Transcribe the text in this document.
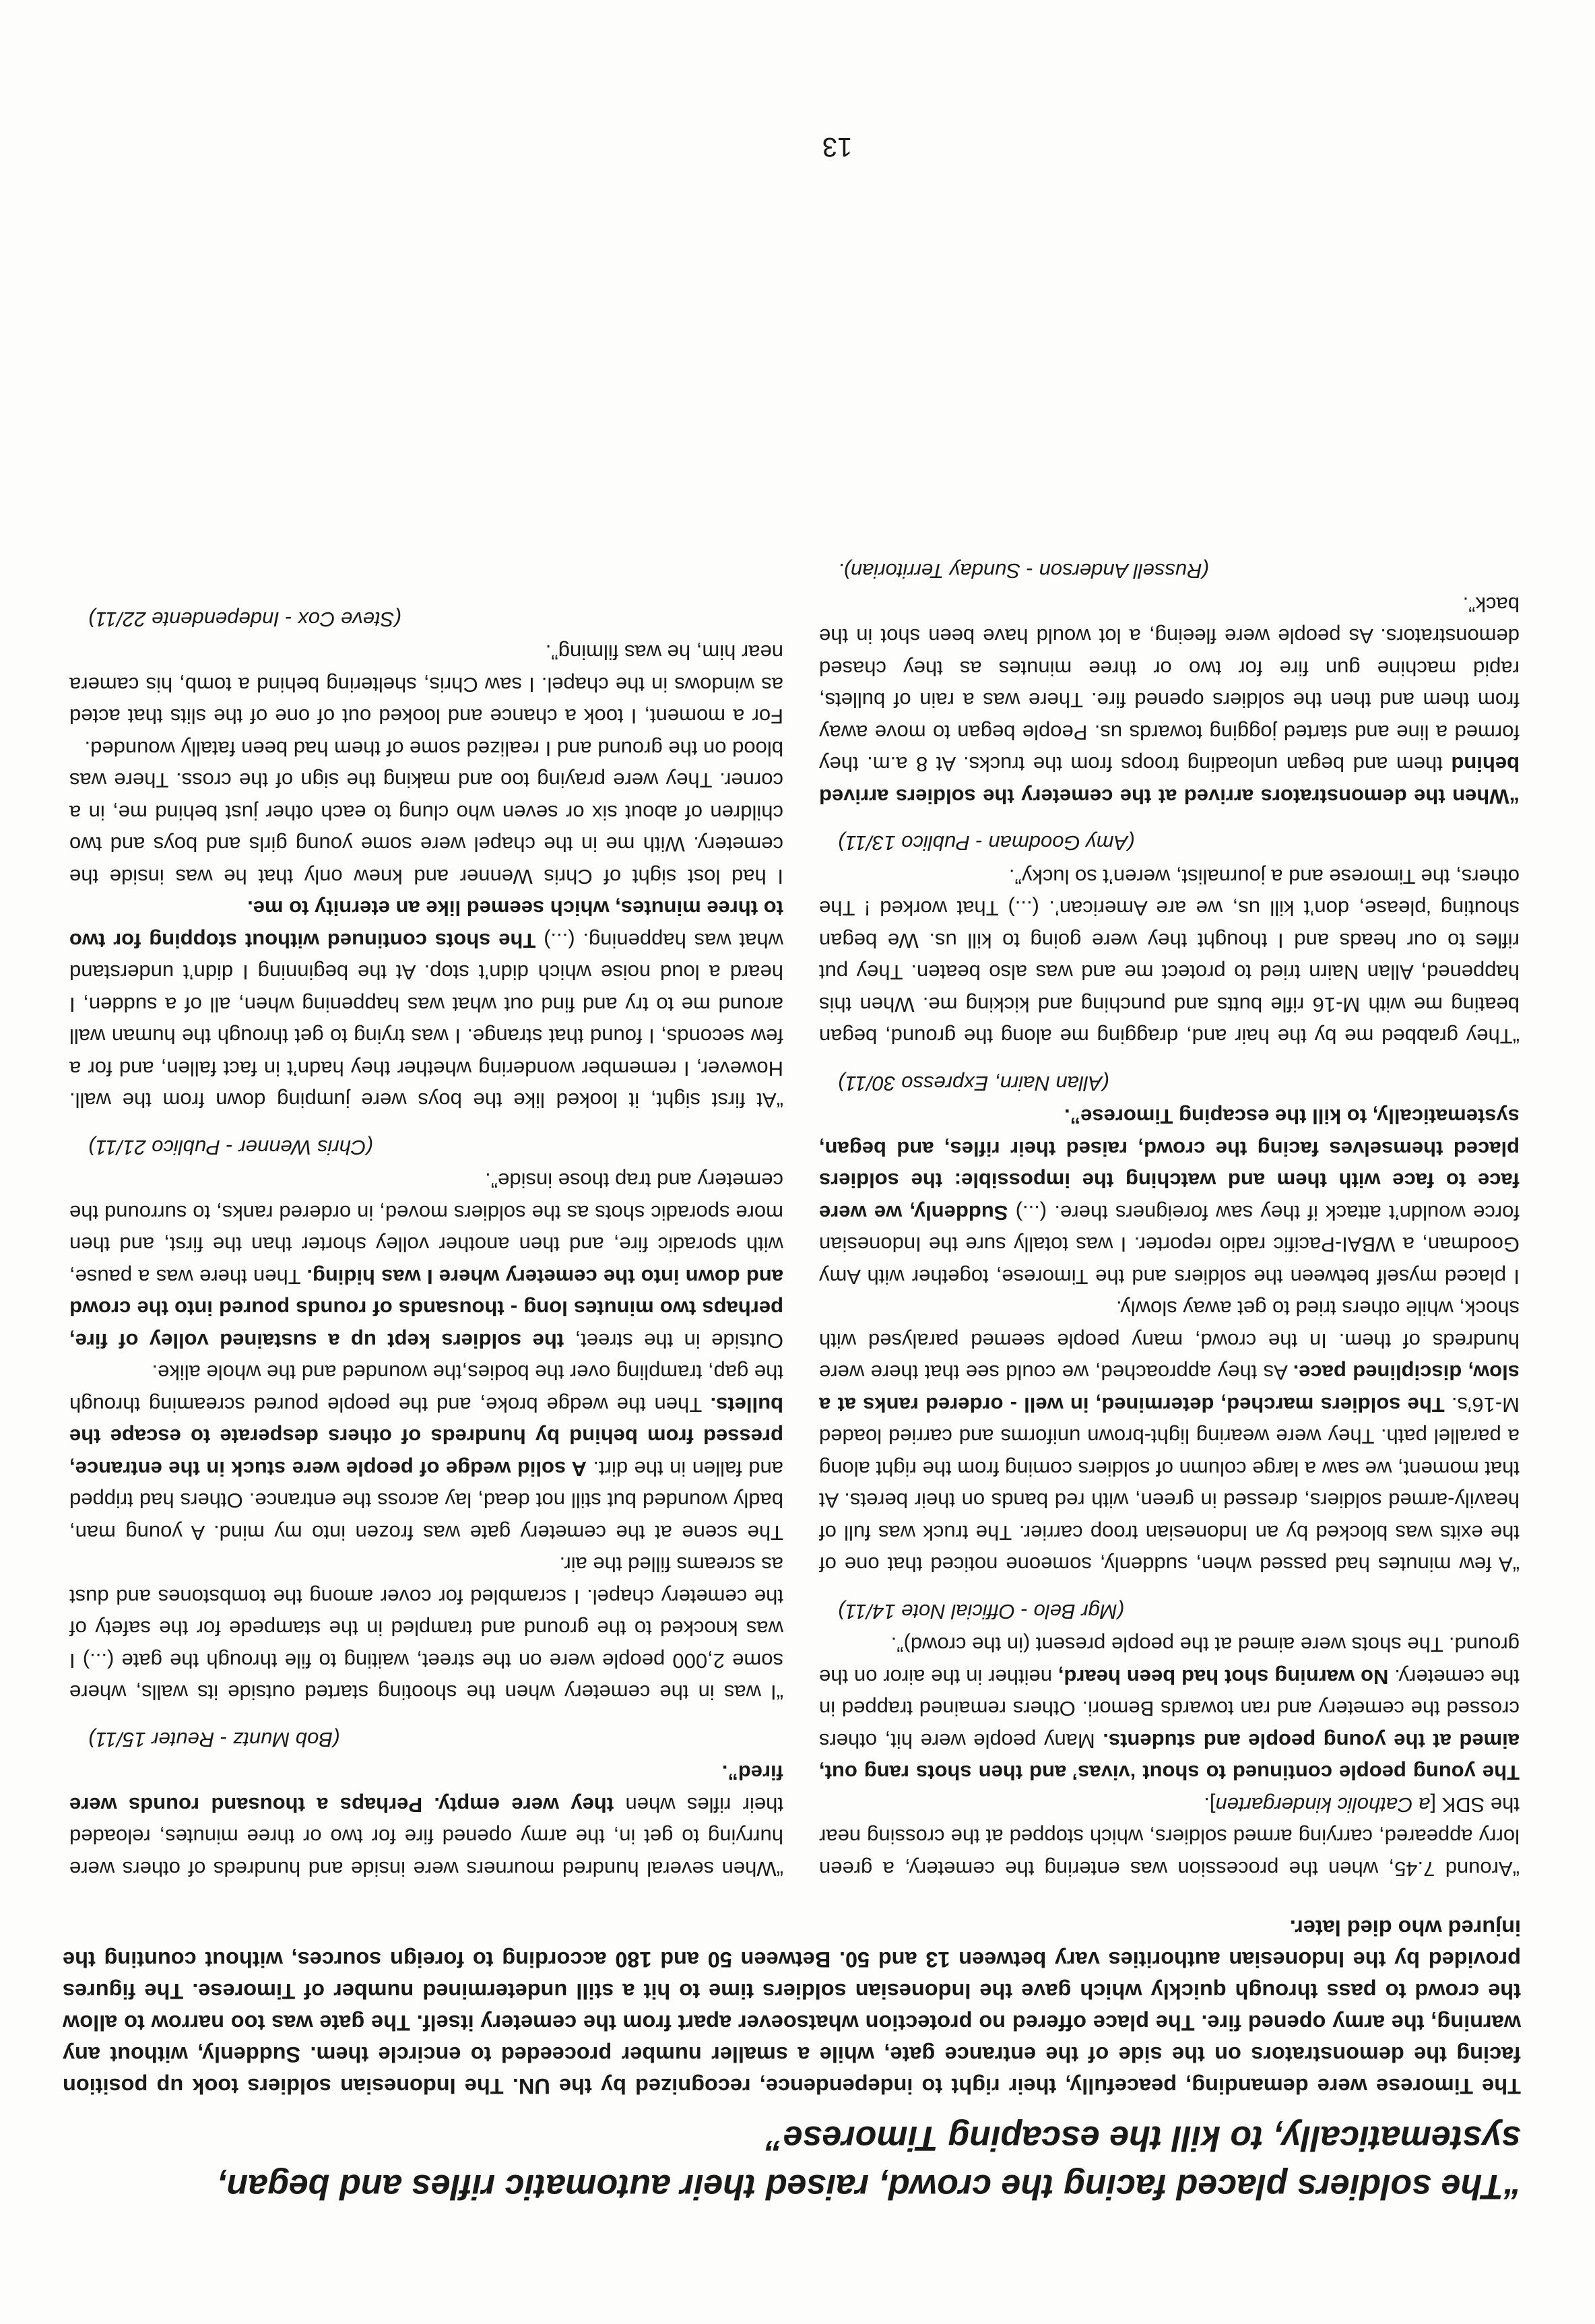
“The soldiers placed facing the crowd, raised their automatic rifles and began, systematically, to kill the escaping Timorese”
The Timorese were demanding, peacefully, their right to independence, recognized by the UN. The Indonesian soldiers took up position facing the demonstrators on the side of the entrance gate, while a smaller number proceeded to encircle them. Suddenly, without any warning, the army opened fire. The place offered no protection whatsoever apart from the cemetery itself. The gate was too narrow to allow the crowd to pass through quickly which gave the Indonesian soldiers time to hit a still undetermined number of Timorese. The figures provided by the Indonesian authorities vary between 13 and 50. Between 50 and 180 according to foreign sources, without counting the injured who died later.

“Around 7.45, when the procession was entering the cemetery, a green lorry appeared, carrying armed soldiers, which stopped at the crossing near the SDK [a Catholic kindergarten].

The young people continued to shout ‘vivas’ and then shots rang out, aimed at the young people and students. Many people were hit, others crossed the cemetery and ran towards Bemori. Others remained trapped in the cemetery. No warning shot had been heard, neither in the airor on the ground. The shots were aimed at the people present (in the crowd)”.

(Mgr Belo - Official Note 14/11)

“A few minutes had passed when, suddenly, someone noticed that one of the exits was blocked by an Indonesian troop carrier. The truck was full of heavily-armed soldiers, dressed in green, with red bands on their berets. At that moment, we saw a large column of soldiers coming from the right along a parallel path. They were wearing light-brown uniforms and carried loaded M-16’s. The soldiers marched, determined, in well - ordered ranks at a slow, disciplined pace. As they approached, we could see that there were hundreds of them. In the crowd, many people seemed paralysed with shock, while others tried to get away slowly.

I placed myself between the soldiers and the Timorese, together with Amy Goodman, a WBAI-Pacific radio reporter. I was totally sure the Indonesian force wouldn’t attack if they saw foreigners there. (...) Suddenly, we were face to face with them and watching the impossible: the soldiers placed themselves facing the crowd, raised their rifles, and began, systematically, to kill the escaping Timorese”.

(Allan Nairn, Expresso 30/11)

“They grabbed me by the hair and, dragging me along the ground, began beating me with M-16 rifle butts and punching and kicking me. When this happened, Allan Nairn tried to protect me and was also beaten. They put rifles to our heads and I thought they were going to kill us. We began shouting ‘please, don’t kill us, we are American’. (...) That worked ! The others, the Timorese and a journalist, weren’t so lucky”.

(Amy Goodman - Publico 13/11)

“When the demonstrators arrived at the cemetery the soldiers arrived behind them and began unloading troops from the trucks. At 8 a.m. they formed a line and started jogging towards us. People began to move away from them and then the soldiers opened fire. There was a rain of bullets, rapid machine gun fire for two or three minutes as they chased demonstrators. As people were fleeing, a lot would have been shot in the back”.

(Russell Anderson - Sunday Territorian).

“When several hundred mourners were inside and hundreds of others were hurrying to get in, the army opened fire for two or three minutes, reloaded their rifles when they were empty. Perhaps a thousand rounds were fired”.

(Bob Muntz - Reuter 15/11)

“I was in the cemetery when the shooting started outside its walls, where some 2,000 people were on the street, waiting to file through the gate (...) I was knocked to the ground and trampled in the stampede for the safety of the cemetery chapel. I scrambled for cover among the tombstones and dust as screams filled the air.

The scene at the cemetery gate was frozen into my mind. A young man, badly wounded but still not dead, lay across the entrance. Others had tripped and fallen in the dirt. A solid wedge of people were stuck in the entrance, pressed from behind by hundreds of others desperate to escape the bullets. Then the wedge broke, and the people poured screaming through the gap, trampling over the bodies,the wounded and the whole alike.

Outside in the street, the soldiers kept up a sustained volley of fire, perhaps two minutes long - thousands of rounds poured into the crowd and down into the cemetery where I was hiding. Then there was a pause, with sporadic fire, and then another volley shorter than the first, and then more sporadic shots as the soldiers moved, in ordered ranks, to surround the cemetery and trap those inside”.

(Chris Wenner - Publico 21/11)

“At first sight, it looked like the boys were jumping down from the wall. However, I remember wondering whether they hadn’t in fact fallen, and for a few seconds, I found that strange. I was trying to get through the human wall around me to try and find out what was happening when, all of a sudden, I heard a loud noise which didn’t stop. At the beginning I didn’t understand what was happening. (...) The shots continued without stopping for two to three minutes, which seemed like an eternity to me.

I had lost sight of Chris Wenner and knew only that he was inside the cemetery. With me in the chapel were some young girls and boys and two children of about six or seven who clung to each other just behind me, in a corner. They were praying too and making the sign of the cross. There was blood on the ground and I realized some of them had been fatally wounded.

For a moment, I took a chance and looked out of one of the slits that acted as windows in the chapel. I saw Chris, sheltering behind a tomb, his camera near him, he was filming”.

(Steve Cox - Independente 22/11)

13
